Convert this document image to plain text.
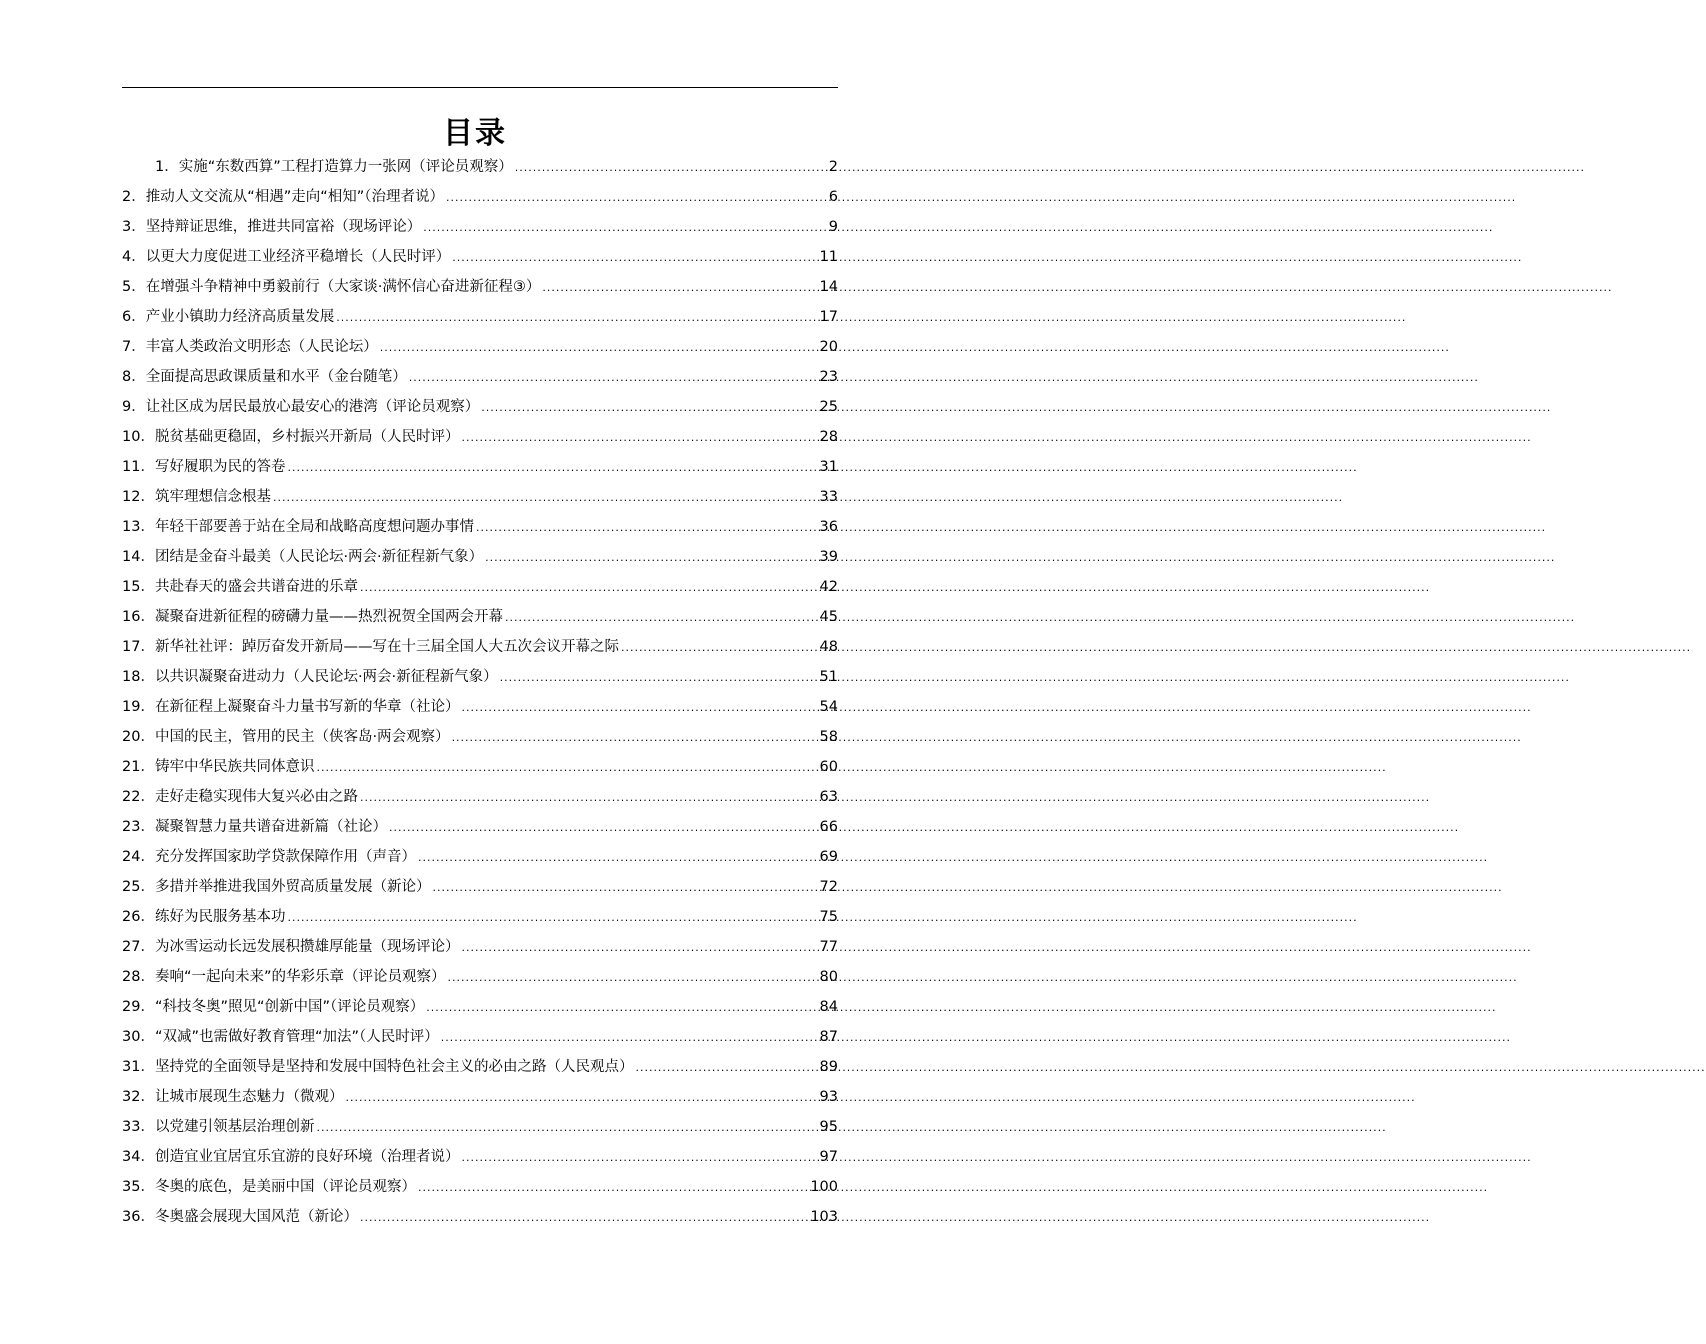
目录
1． 实施“东数西算”工程打造算力一张网（评论员观察） .....	2
2． 推动人文交流从“相遇”走向“相知”（治理者说） .....	6
3． 坚持辩证思维，推进共同富裕（现场评论） .....	9
4． 以更大力度促进工业经济平稳增长（人民时评） .....	11
5． 在增强斗争精神中勇毅前行（大家谈·满怀信心奋进新征程③） .....	14
6． 产业小镇助力经济高质量发展 .....	17
7． 丰富人类政治文明形态（人民论坛） .....	20
8． 全面提高思政课质量和水平（金台随笔） .....	23
9． 让社区成为居民最放心最安心的港湾（评论员观察） .....	25
10． 脱贫基础更稳固，乡村振兴开新局（人民时评） .....	28
11． 写好履职为民的答卷 .....	31
12． 筑牢理想信念根基 .....	33
13． 年轻干部要善于站在全局和战略高度想问题办事情 .....	36
14． 团结是金奋斗最美（人民论坛·两会·新征程新气象） .....	39
15． 共赴春天的盛会共谱奋进的乐章 .....	42
16． 凝聚奋进新征程的磅礴力量——热烈祝贺全国两会开幕 .....	45
17． 新华社社评：踔厉奋发开新局——写在十三届全国人大五次会议开幕之际 .....	48
18． 以共识凝聚奋进动力（人民论坛·两会·新征程新气象） .....	51
19． 在新征程上凝聚奋斗力量书写新的华章（社论） .....	54
20． 中国的民主，管用的民主（侠客岛·两会观察） .....	58
21． 铸牢中华民族共同体意识 .....	60
22． 走好走稳实现伟大复兴必由之路 .....	63
23． 凝聚智慧力量共谱奋进新篇（社论） .....	66
24． 充分发挥国家助学贷款保障作用（声音） .....	69
25． 多措并举推进我国外贸高质量发展（新论） .....	72
26． 练好为民服务基本功 .....	75
27． 为冰雪运动长远发展积攒雄厚能量（现场评论） .....	77
28． 奏响“一起向未来”的华彩乐章（评论员观察） .....	80
29． “科技冬奥”照见“创新中国”（评论员观察） .....	84
30． “双减”也需做好教育管理“加法”（人民时评） .....	87
31． 坚持党的全面领导是坚持和发展中国特色社会主义的必由之路（人民观点） .....	89
32． 让城市展现生态魅力（微观） .....	93
33． 以党建引领基层治理创新 .....	95
34． 创造宜业宜居宜乐宜游的良好环境（治理者说） .....	97
35． 冬奥的底色，是美丽中国（评论员观察） .....	100
36． 冬奥盛会展现大国风范（新论） .....	103
